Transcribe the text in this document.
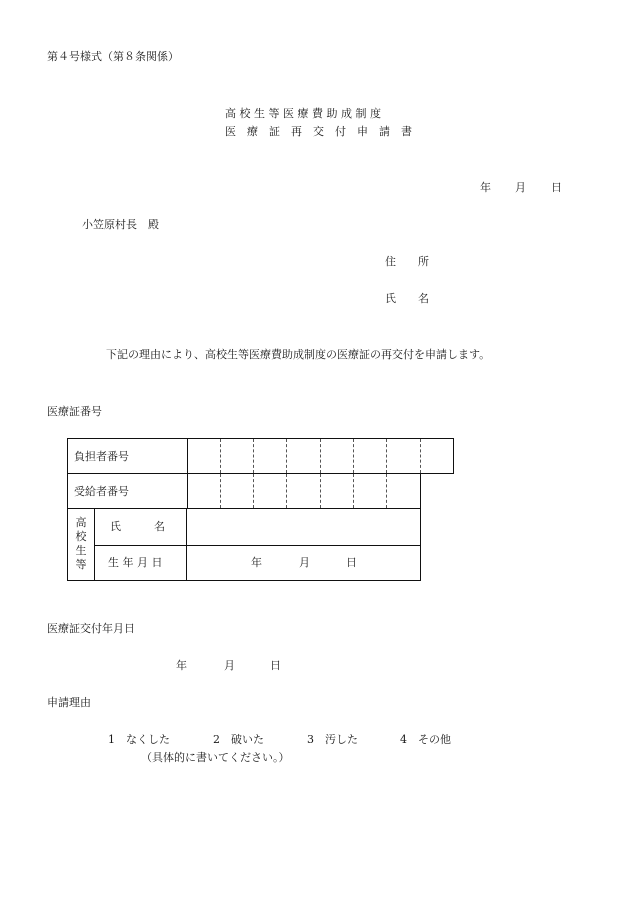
第４号様式（第８条関係）
高 校 生 等 医 療 費 助 成 制 度
医　療　証　再　交　付　申　請　書
年 月 日
小笠原村長　殿
住　　所
氏　　名
下記の理由により、高校生等医療費助成制度の医療証の再交付を申請します。
医療証番号
負担者番号
受給者番号
高
校
生
等
氏　　　名
生 年 月 日	年	月	日
医療証交付年月日
年	月	日
申請理由
1　なくした	2　破いた	3　汚した	4　その他
（具体的に書いてください。）
